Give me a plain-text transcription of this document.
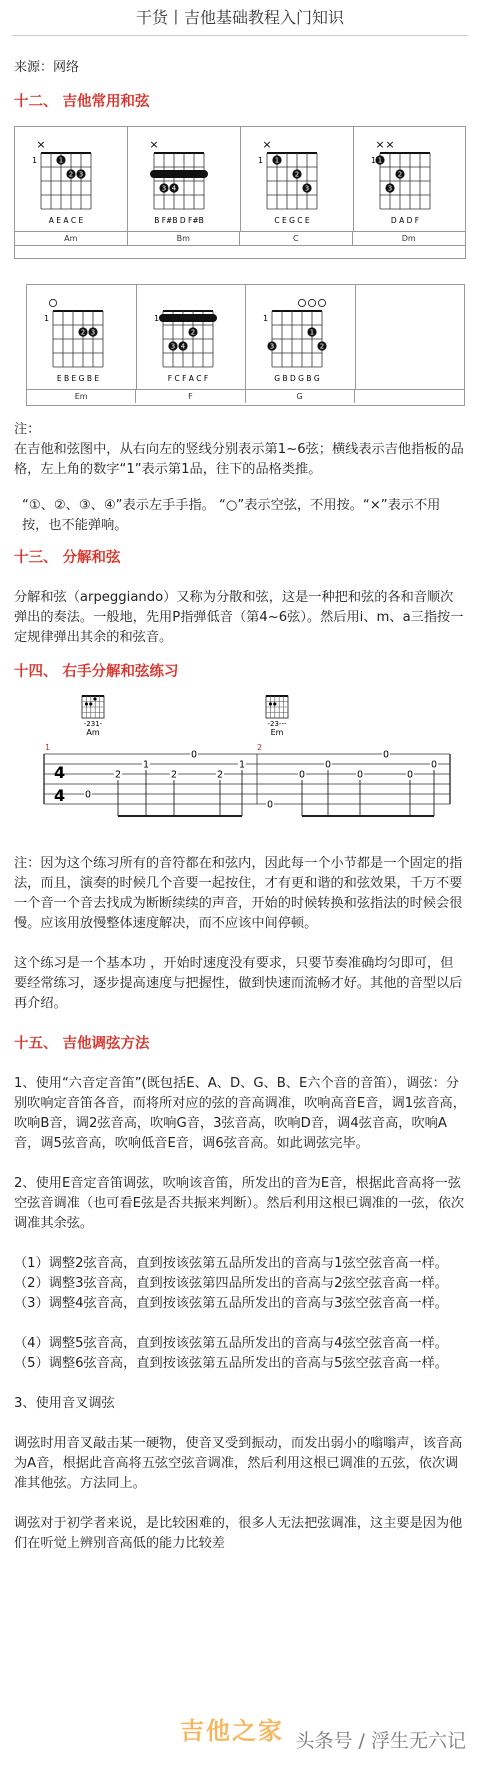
干货丨吉他基础教程入门知识
来源：网络
十二、 吉他常用和弦
×
1
2 3
1
A E A C E
×
3 4
B F#B D F#B
×
1
2
3
1
C E G C E
× ×
1
2
3
1
D A D F
Am	Bm	C	Dm
2 3
1
E B E G B E
3 4
2
1
F C F A C F
3
1
2
1
G B D G B G
Em	F	G
注：
在吉他和弦图中，从右向左的竖线分别表示第1~6弦；横线表示吉他指板的品格，左上角的数字“1”表示第1品，往下的品格类推。
“①、②、③、④”表示左手手指。 “○”表示空弦，不用按。“×”表示不用按，也不能弹响。
十三、 分解和弦
分解和弦（arpeggiando）又称为分散和弦，这是一种把和弦的各和音顺次弹出的奏法。一般地，先用P指弹低音（第4~6弦）。然后用i、m、a三指按一定规律弹出其余的和弦音。
十四、 右手分解和弦练习
-231-
Am
-23---
Em
1	2
4
4 0
2
1
2
0
2
1
0
0
0
0
0
0
0
注：因为这个练习所有的音符都在和弦内，因此每一个小节都是一个固定的指法，而且，演奏的时候几个音要一起按住，才有更和谐的和弦效果，千万不要一个音一个音去找成为断断续续的声音，开始的时候转换和弦指法的时候会很慢。应该用放慢整体速度解决，而不应该中间停顿。
这个练习是一个基本功 ，开始时速度没有要求，只要节奏准确均匀即可，但要经常练习，逐步提高速度与把握性，做到快速而流畅才好。其他的音型以后再介绍。
十五、 吉他调弦方法
1、使用“六音定音笛”(既包括E、A、D、G、B、E六个音的音笛），调弦：分别吹响定音笛各音，而将所对应的弦的音高调准，吹响高音E音，调1弦音高，吹响B音，调2弦音高，吹响G音，3弦音高，吹响D音，调4弦音高，吹响A音，调5弦音高，吹响低音E音，调6弦音高。如此调弦完毕。
2、使用E音定音笛调弦，吹响该音笛，所发出的音为E音，根据此音高将一弦空弦音调准（也可看E弦是否共振来判断）。然后利用这根已调准的一弦，依次调准其余弦。
（1）调整2弦音高，直到按该弦第五品所发出的音高与1弦空弦音高一样。
（2）调整3弦音高，直到按该弦第四品所发出的音高与2弦空弦音高一样。
（3）调整4弦音高，直到按该弦第五品所发出的音高与3弦空弦音高一样。
（4）调整5弦音高，直到按该弦第五品所发出的音高与4弦空弦音高一样。
（5）调整6弦音高，直到按该弦第五品所发出的音高与5弦空弦音高一样。
3、使用音叉调弦
调弦时用音叉敲击某一硬物，使音叉受到振动，而发出弱小的嗡嗡声，该音高为A音，根据此音高将五弦空弦音调准，然后利用这根已调准的五弦，依次调准其他弦。方法同上。
调弦对于初学者来说，是比较困难的，很多人无法把弦调准，这主要是因为他们在听觉上辨别音高低的能力比较差
吉他之家 头条号 / 浮生无六记
